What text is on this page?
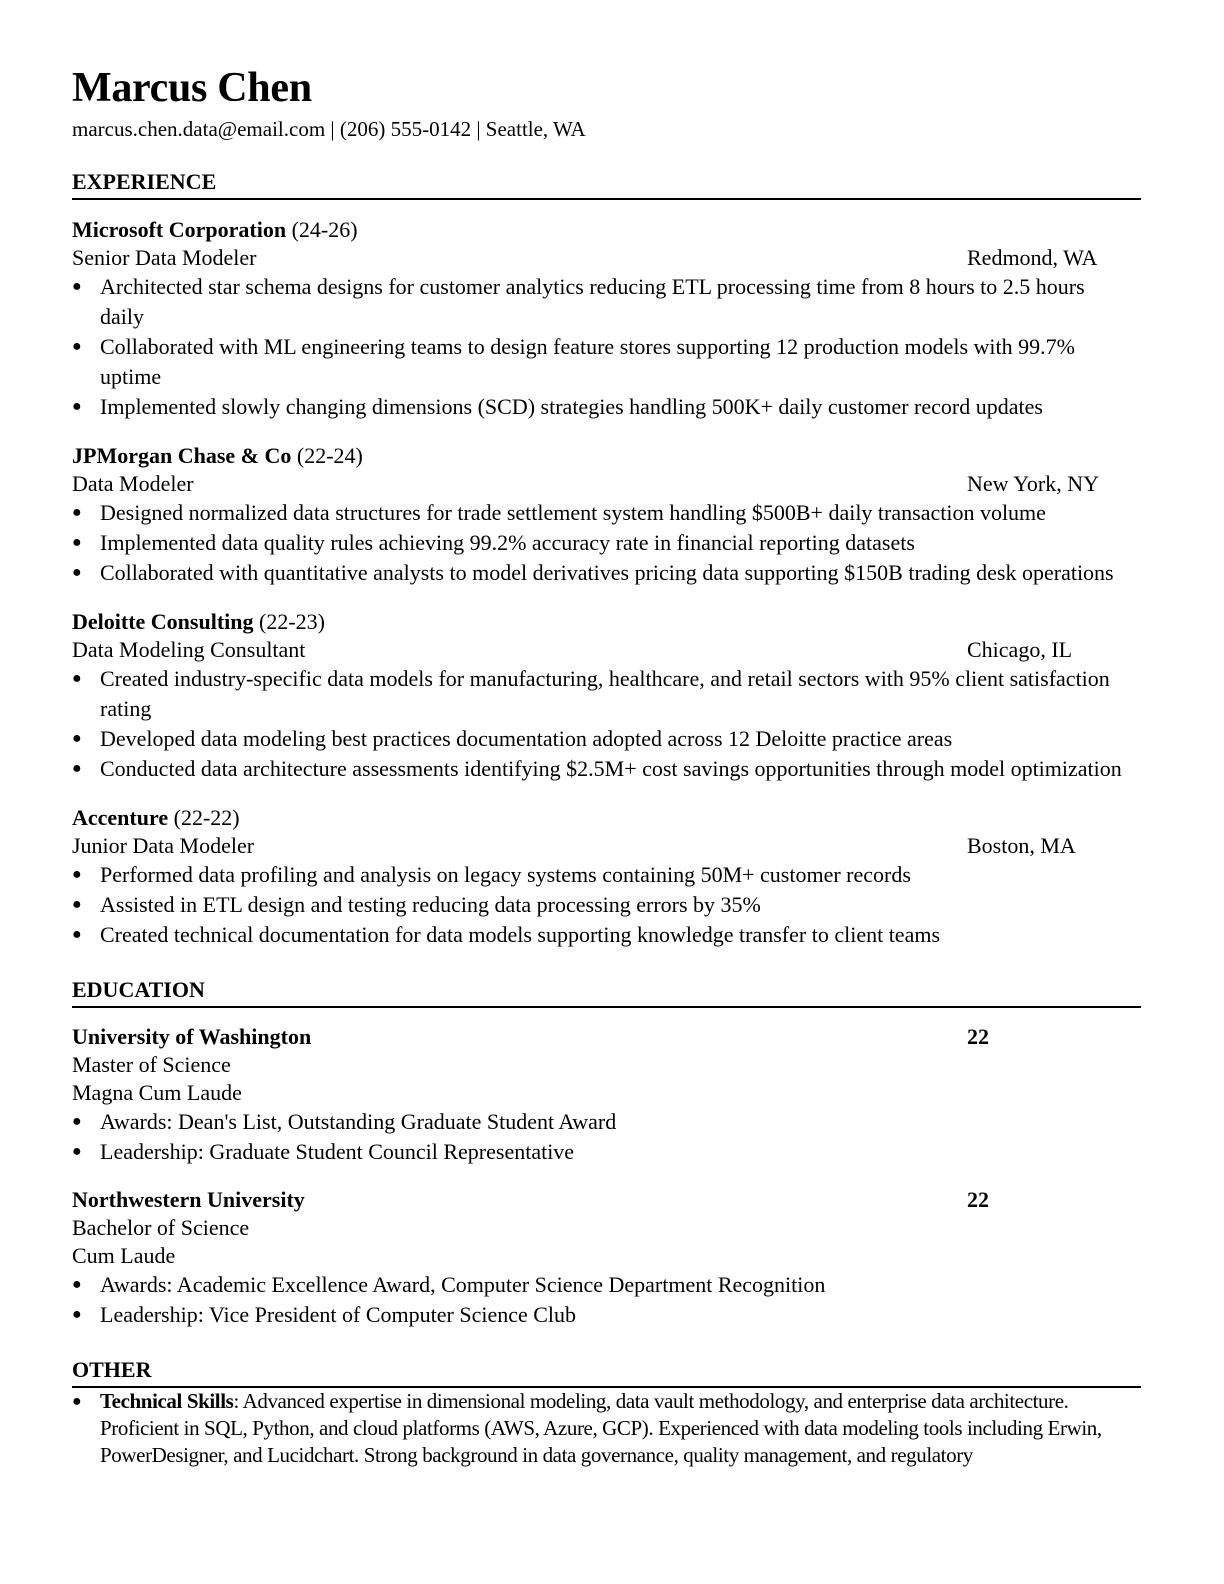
Marcus Chen
marcus.chen.data@email.com | (206) 555-0142 | Seattle, WA
EXPERIENCE
Microsoft Corporation (24-26)
Senior Data Modeler	Redmond, WA
● Architected star schema designs for customer analytics reducing ETL processing time from 8 hours to 2.5 hours daily
● Collaborated with ML engineering teams to design feature stores supporting 12 production models with 99.7% uptime
● Implemented slowly changing dimensions (SCD) strategies handling 500K+ daily customer record updates
JPMorgan Chase & Co (22-24)
Data Modeler	New York, NY
● Designed normalized data structures for trade settlement system handling $500B+ daily transaction volume
● Implemented data quality rules achieving 99.2% accuracy rate in financial reporting datasets
● Collaborated with quantitative analysts to model derivatives pricing data supporting $150B trading desk operations
Deloitte Consulting (22-23)
Data Modeling Consultant	Chicago, IL
● Created industry-specific data models for manufacturing, healthcare, and retail sectors with 95% client satisfaction rating
● Developed data modeling best practices documentation adopted across 12 Deloitte practice areas
● Conducted data architecture assessments identifying $2.5M+ cost savings opportunities through model optimization
Accenture (22-22)
Junior Data Modeler	Boston, MA
● Performed data profiling and analysis on legacy systems containing 50M+ customer records
● Assisted in ETL design and testing reducing data processing errors by 35%
● Created technical documentation for data models supporting knowledge transfer to client teams
EDUCATION
University of Washington	22
Master of Science
Magna Cum Laude
● Awards: Dean's List, Outstanding Graduate Student Award
● Leadership: Graduate Student Council Representative
Northwestern University	22
Bachelor of Science
Cum Laude
● Awards: Academic Excellence Award, Computer Science Department Recognition
● Leadership: Vice President of Computer Science Club
OTHER
● Technical Skills: Advanced expertise in dimensional modeling, data vault methodology, and enterprise data architecture. Proficient in SQL, Python, and cloud platforms (AWS, Azure, GCP). Experienced with data modeling tools including Erwin, PowerDesigner, and Lucidchart. Strong background in data governance, quality management, and regulatory
